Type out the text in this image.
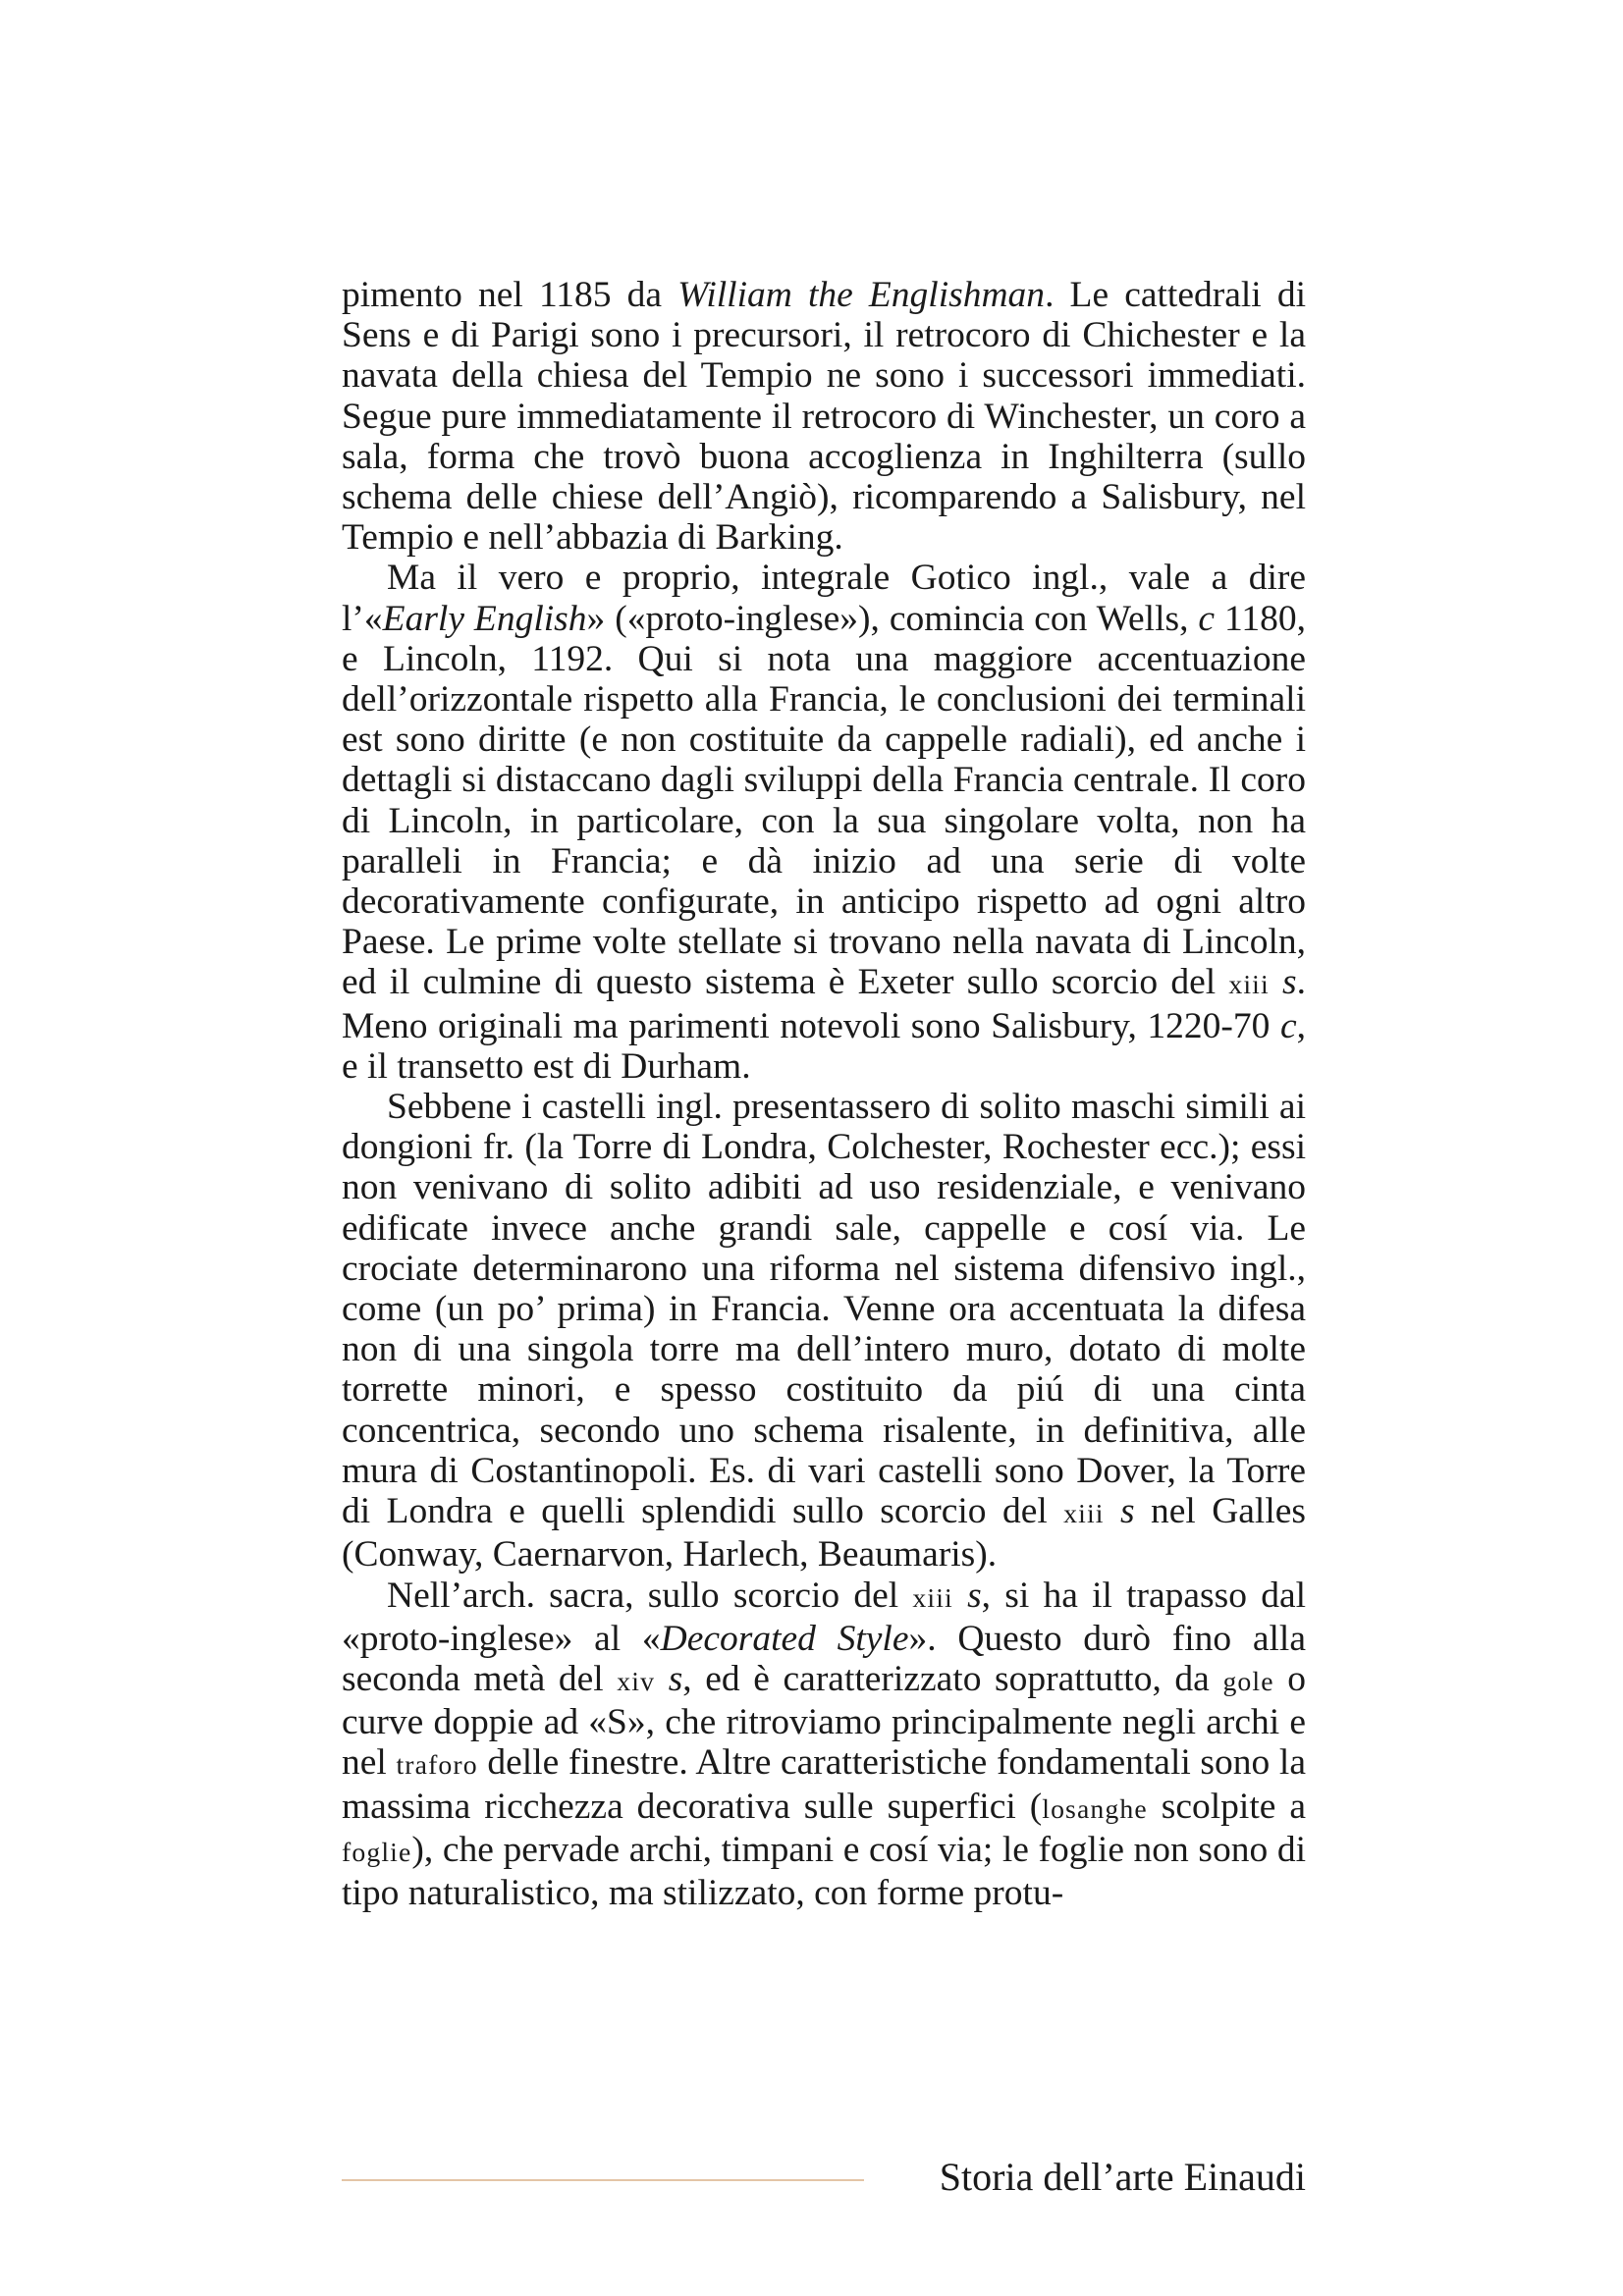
pimento nel 1185 da William the Englishman. Le cattedrali di Sens e di Parigi sono i precursori, il retrocoro di Chichester e la navata della chiesa del Tempio ne sono i successori immediati. Segue pure immediatamente il retrocoro di Winchester, un coro a sala, forma che trovò buona accoglienza in Inghilterra (sullo schema delle chiese dell’Angiò), ricomparendo a Salisbury, nel Tempio e nell’abbazia di Barking.

Ma il vero e proprio, integrale Gotico ingl., vale a dire l’«Early English» («proto-inglese»), comincia con Wells, c 1180, e Lincoln, 1192. Qui si nota una maggiore accentuazione dell’orizzontale rispetto alla Francia, le conclusioni dei terminali est sono diritte (e non costituite da cappelle radiali), ed anche i dettagli si distaccano dagli sviluppi della Francia centrale. Il coro di Lincoln, in particolare, con la sua singolare volta, non ha paralleli in Francia; e dà inizio ad una serie di volte decorativamente configurate, in anticipo rispetto ad ogni altro Paese. Le prime volte stellate si trovano nella navata di Lincoln, ed il culmine di questo sistema è Exeter sullo scorcio del xiii s. Meno originali ma parimenti notevoli sono Salisbury, 1220-70 c, e il transetto est di Durham.

Sebbene i castelli ingl. presentassero di solito maschi simili ai dongioni fr. (la Torre di Londra, Colchester, Rochester ecc.); essi non venivano di solito adibiti ad uso residenziale, e venivano edificate invece anche grandi sale, cappelle e cosí via. Le crociate determinarono una riforma nel sistema difensivo ingl., come (un po’ prima) in Francia. Venne ora accentuata la difesa non di una singola torre ma dell’intero muro, dotato di molte torrette minori, e spesso costituito da piú di una cinta concentrica, secondo uno schema risalente, in definitiva, alle mura di Costantinopoli. Es. di vari castelli sono Dover, la Torre di Londra e quelli splendidi sullo scorcio del xiii s nel Galles (Conway, Caernarvon, Harlech, Beaumaris).

Nell’arch. sacra, sullo scorcio del xiii s, si ha il trapasso dal «proto-inglese» al «Decorated Style». Questo durò fino alla seconda metà del xiv s, ed è caratterizzato soprattutto, da gole o curve doppie ad «S», che ritroviamo principalmente negli archi e nel traforo delle finestre. Altre caratteristiche fondamentali sono la massima ricchezza decorativa sulle superfici (losanghe scolpite a foglie), che pervade archi, timpani e cosí via; le foglie non sono di tipo naturalistico, ma stilizzato, con forme protu-

Storia dell’arte Einaudi
